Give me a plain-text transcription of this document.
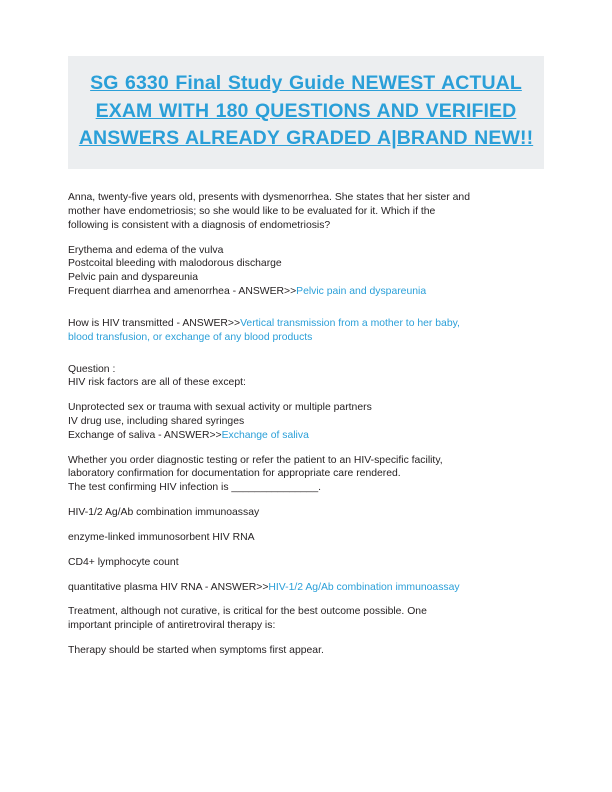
SG 6330 Final Study Guide NEWEST ACTUAL EXAM WITH 180 QUESTIONS AND VERIFIED ANSWERS ALREADY GRADED A|BRAND NEW!!
Anna, twenty-five years old, presents with dysmenorrhea. She states that her sister and
mother have endometriosis; so she would like to be evaluated for it. Which if the
following is consistent with a diagnosis of endometriosis?
Erythema and edema of the vulva
Postcoital bleeding with malodorous discharge
Pelvic pain and dyspareunia
Frequent diarrhea and amenorrhea - ANSWER>>Pelvic pain and dyspareunia
How is HIV transmitted - ANSWER>>Vertical transmission from a mother to her baby,
blood transfusion, or exchange of any blood products
Question :
HIV risk factors are all of these except:
Unprotected sex or trauma with sexual activity or multiple partners
IV drug use, including shared syringes
Exchange of saliva - ANSWER>>Exchange of saliva
Whether you order diagnostic testing or refer the patient to an HIV-specific facility,
laboratory confirmation for documentation for appropriate care rendered.
The test confirming HIV infection is _______________.
HIV-1/2 Ag/Ab combination immunoassay
enzyme-linked immunosorbent HIV RNA
CD4+ lymphocyte count
quantitative plasma HIV RNA - ANSWER>>HIV-1/2 Ag/Ab combination immunoassay
Treatment, although not curative, is critical for the best outcome possible. One
important principle of antiretroviral therapy is:
Therapy should be started when symptoms first appear.
